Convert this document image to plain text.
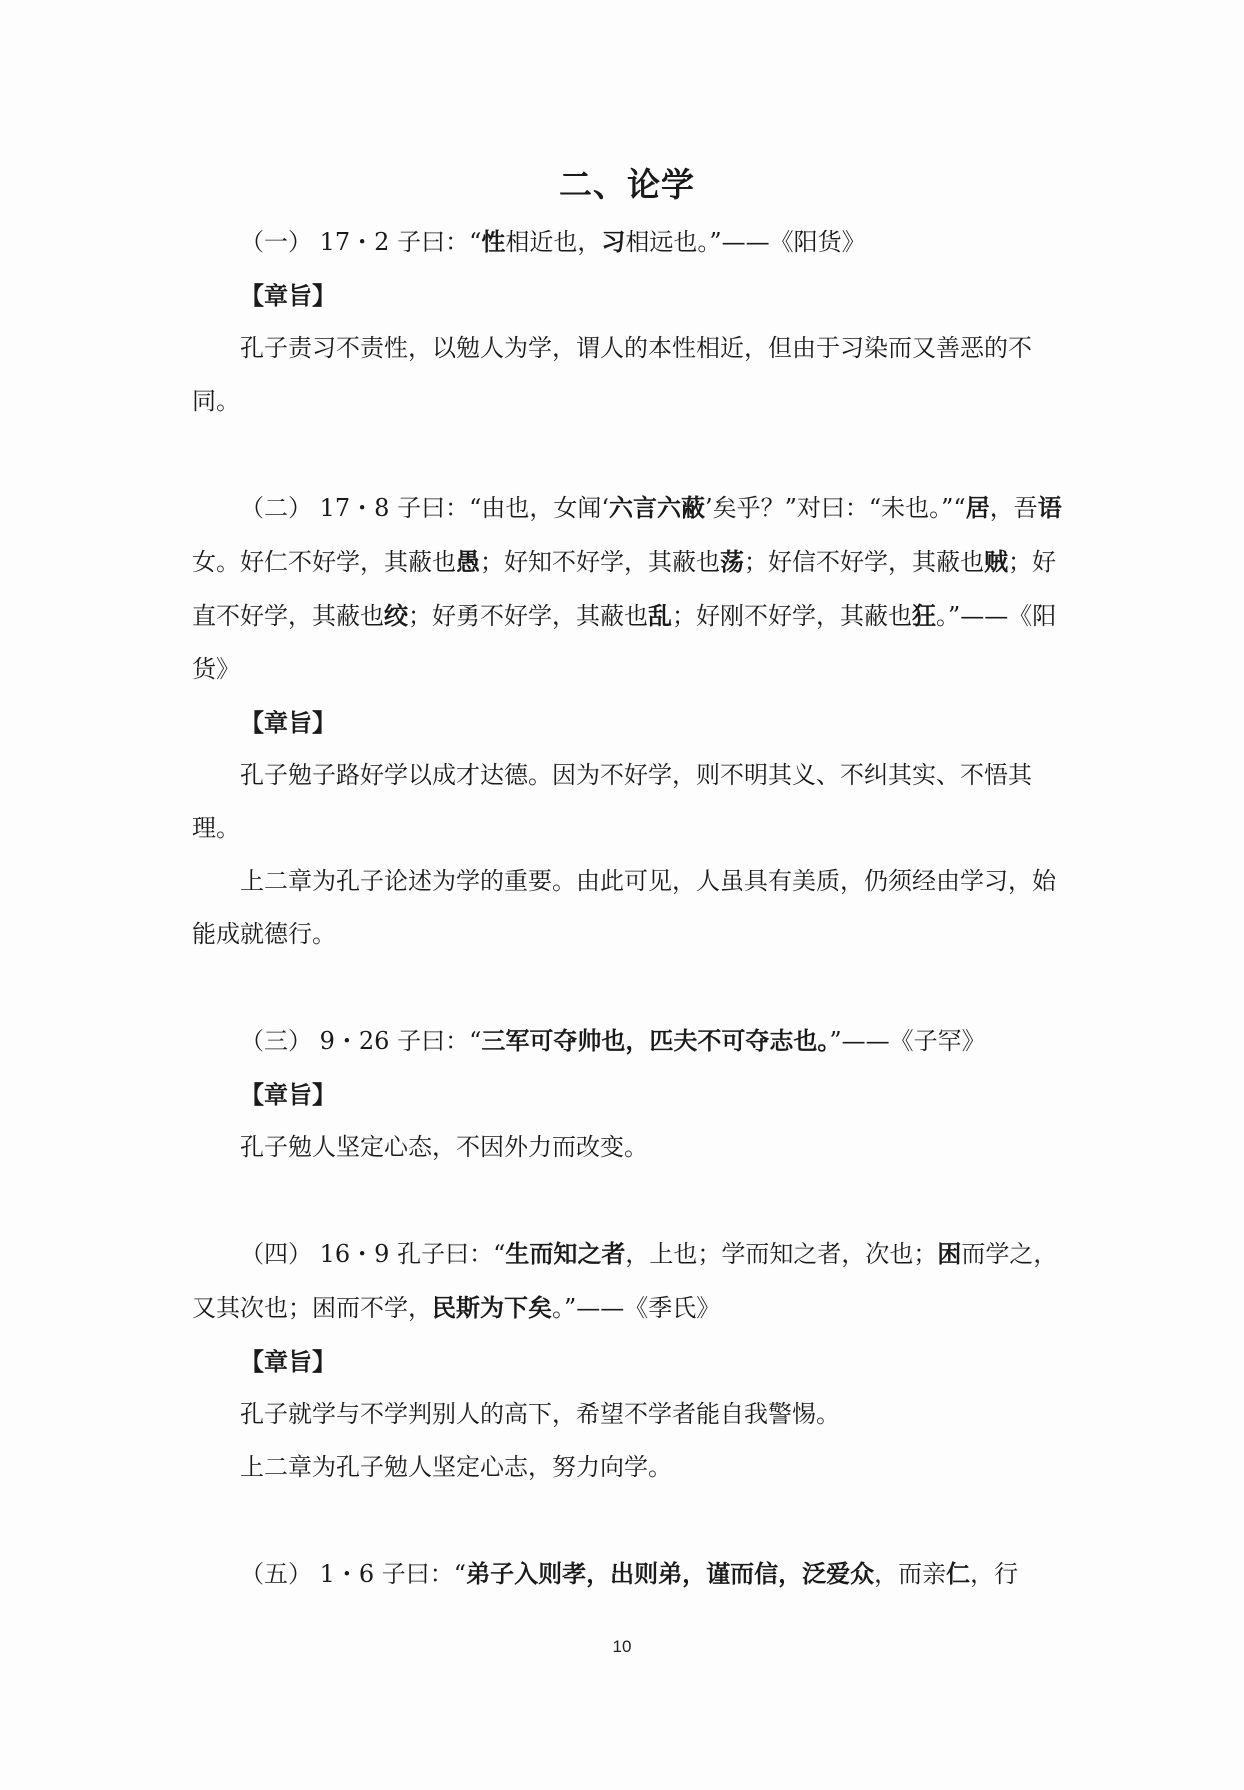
二、论学

（一） 17・2 子曰：“性相近也，习相远也。”——《阳货》

【章旨】

孔子责习不责性，以勉人为学，谓人的本性相近，但由于习染而又善恶的不同。

（二） 17・8 子曰：“由也，女闻‘六言六蔽’矣乎？”对曰：“未也。”“居，吾语女。好仁不好学，其蔽也愚；好知不好学，其蔽也荡；好信不好学，其蔽也贼；好直不好学，其蔽也绞；好勇不好学，其蔽也乱；好刚不好学，其蔽也狂。”——《阳货》

【章旨】

孔子勉子路好学以成才达德。因为不好学，则不明其义、不纠其实、不悟其理。

上二章为孔子论述为学的重要。由此可见，人虽具有美质，仍须经由学习，始能成就德行。

（三） 9・26 子曰：“三军可夺帅也，匹夫不可夺志也。”——《子罕》

【章旨】

孔子勉人坚定心态，不因外力而改变。

（四） 16・9 孔子曰：“生而知之者，上也；学而知之者，次也；困而学之，又其次也；困而不学，民斯为下矣。”——《季氏》

【章旨】

孔子就学与不学判别人的高下，希望不学者能自我警惕。

上二章为孔子勉人坚定心志，努力向学。

（五） 1・6 子曰：“弟子入则孝，出则弟，谨而信，泛爱众，而亲仁，行

10
